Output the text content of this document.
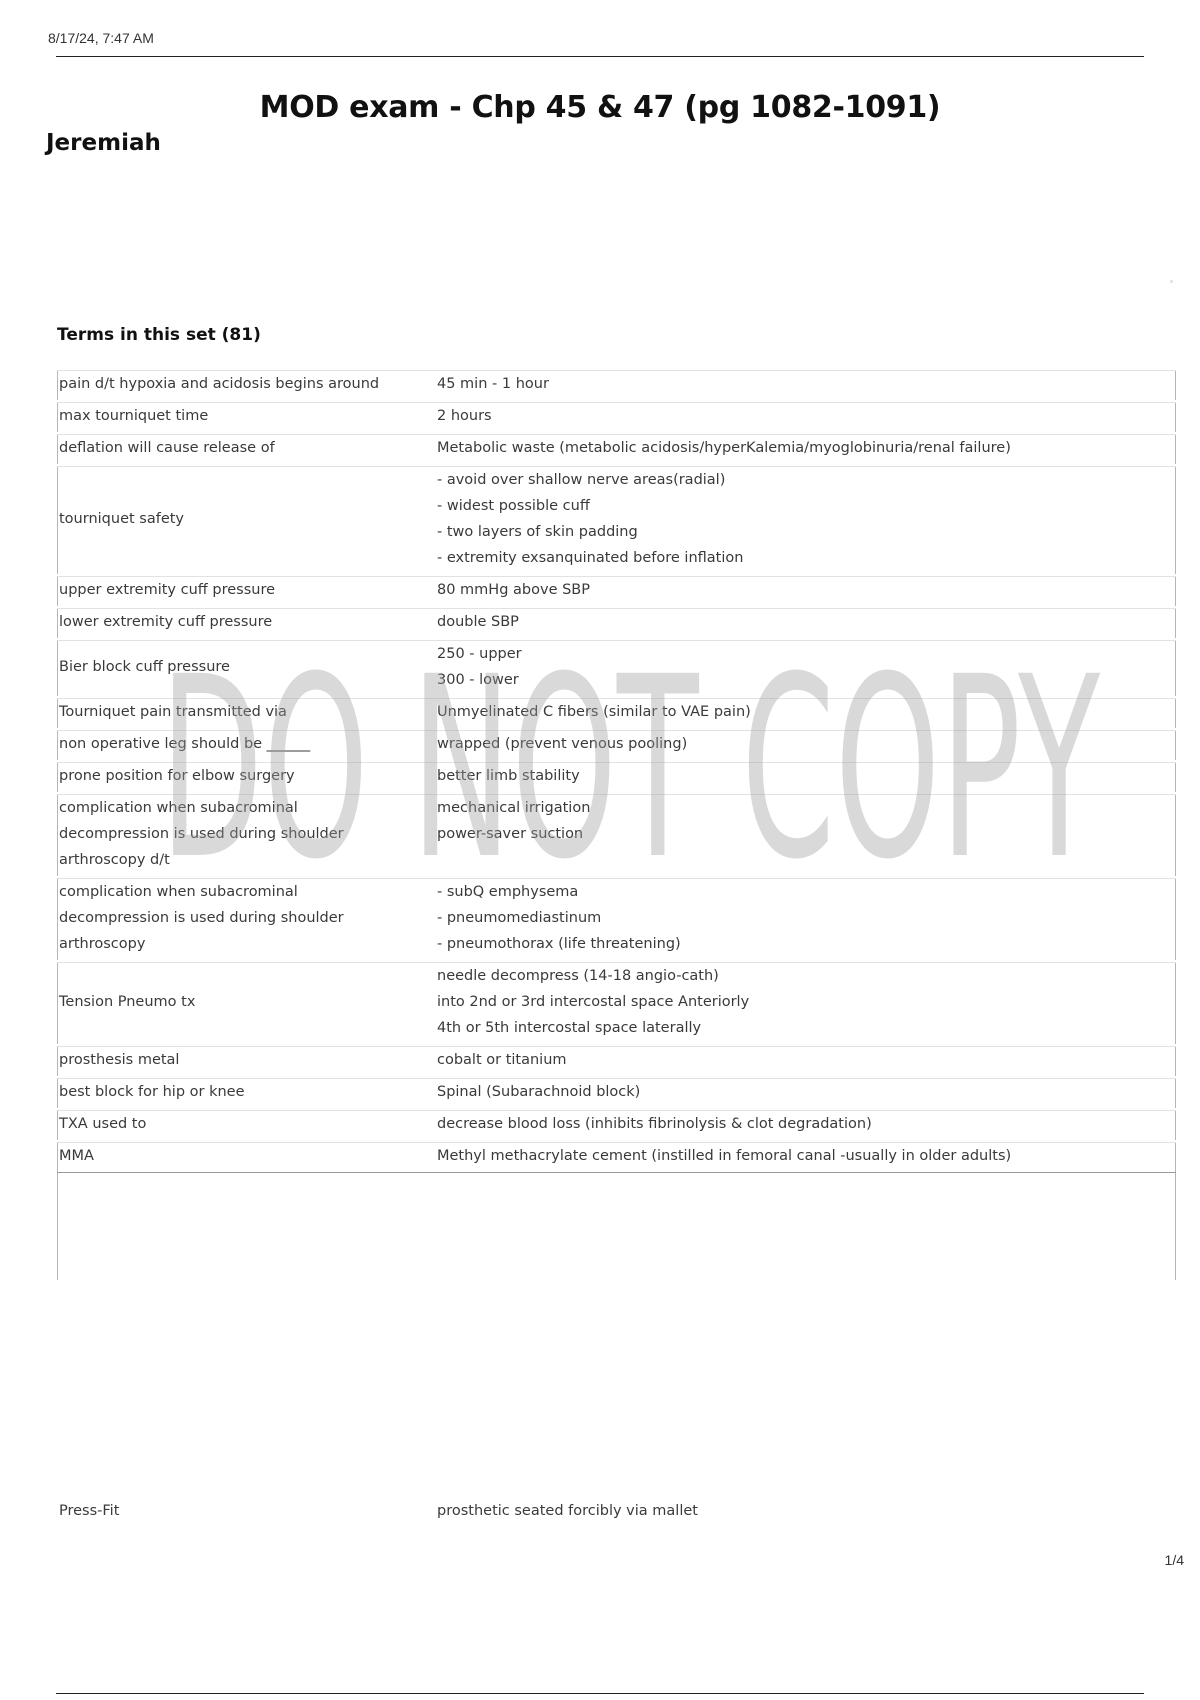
8/17/24, 7:47 AM
MOD exam - Chp 45 & 47 (pg 1082-1091)
Jeremiah
Terms in this set (81)
pain d/t hypoxia and acidosis begins around	45 min - 1 hour

max tourniquet time	2 hours

deflation will cause release of	Metabolic waste (metabolic acidosis/hyperKalemia/myoglobinuria/renal failure)

tourniquet safety	- avoid over shallow nerve areas(radial)
- widest possible cuff
- two layers of skin padding
- extremity exsanquinated before inflation

upper extremity cuff pressure	80 mmHg above SBP

lower extremity cuff pressure	double SBP

Bier block cuff pressure	250 - upper
300 - lower

Tourniquet pain transmitted via	Unmyelinated C fibers (similar to VAE pain)

non operative leg should be ______	wrapped (prevent venous pooling)

prone position for elbow surgery	better limb stability

complication when subacrominal
decompression is used during shoulder
arthroscopy d/t	mechanical irrigation
power-saver suction

complication when subacrominal
decompression is used during shoulder
arthroscopy	- subQ emphysema
- pneumomediastinum
- pneumothorax (life threatening)

Tension Pneumo tx	needle decompress (14-18 angio-cath)
into 2nd or 3rd intercostal space Anteriorly
4th or 5th intercostal space laterally

prosthesis metal	cobalt or titanium

best block for hip or knee	Spinal (Subarachnoid block)

TXA used to	decrease blood loss (inhibits fibrinolysis & clot degradation)

MMA	Methyl methacrylate cement (instilled in femoral canal -usually in older adults)
Press-Fit	prosthetic seated forcibly via mallet
1/4
DO NOT COPY
